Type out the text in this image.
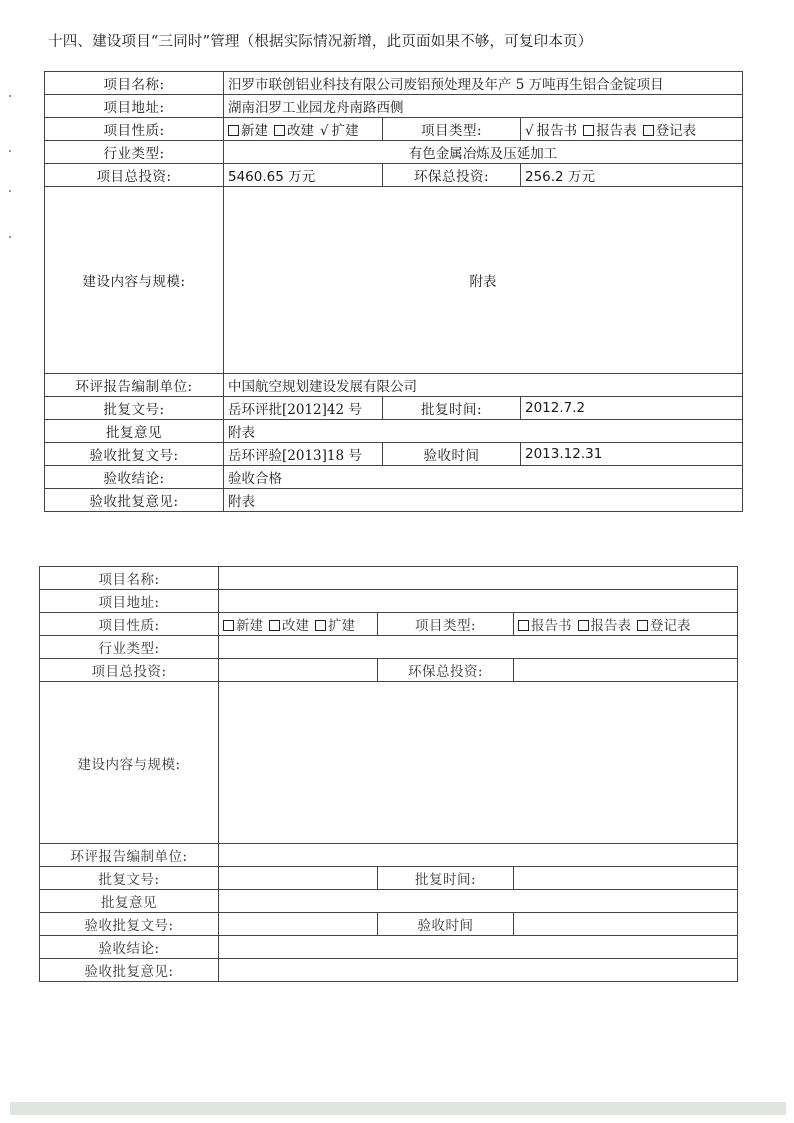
十四、建设项目“三同时”管理（根据实际情况新增，此页面如果不够，可复印本页）
项目名称:	汨罗市联创铝业科技有限公司废铝预处理及年产 5 万吨再生铝合金锭项目		
项目地址:	湖南汨罗工业园龙舟南路西侧		
项目性质:	新建 改建 √ 扩建	项目类型:	√ 报告书 报告表 登记表
行业类型:	有色金属冶炼及压延加工		
项目总投资:	5460.65 万元	环保总投资:	256.2 万元
建设内容与规模:	附表		
环评报告编制单位:	中国航空规划建设发展有限公司		
批复文号:	岳环评批[2012]42 号	批复时间:	2012.7.2
批复意见	附表		
验收批复文号:	岳环评验[2013]18 号	验收时间	2013.12.31
验收结论:	验收合格		
验收批复意见:	附表		
项目名称:			
项目地址:			
项目性质:	新建 改建 扩建	项目类型:	报告书 报告表 登记表
行业类型:			
项目总投资:		环保总投资:	
建设内容与规模:			
环评报告编制单位:			
批复文号:		批复时间:	
批复意见			
验收批复文号:		验收时间	
验收结论:			
验收批复意见:			
